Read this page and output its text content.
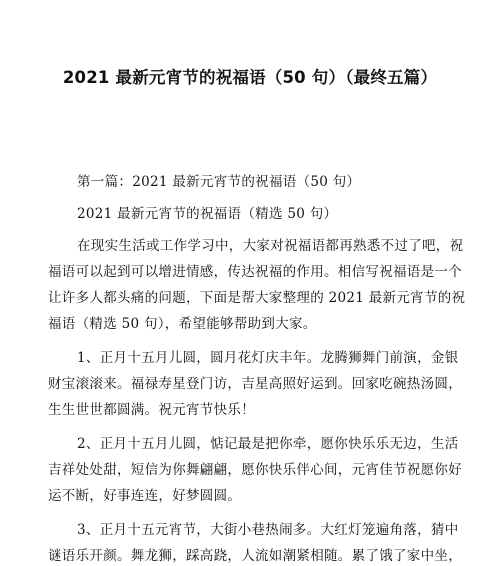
2021 最新元宵节的祝福语（50 句）（最终五篇）
第一篇：2021 最新元宵节的祝福语（50 句）
2021 最新元宵节的祝福语（精选 50 句）
在现实生活或工作学习中，大家对祝福语都再熟悉不过了吧，祝
福语可以起到可以增进情感，传达祝福的作用。相信写祝福语是一个
让许多人都头痛的问题，下面是帮大家整理的 2021 最新元宵节的祝
福语（精选 50 句），希望能够帮助到大家。
1、正月十五月儿圆，圆月花灯庆丰年。龙腾狮舞门前演，金银
财宝滚滚来。福禄寿星登门访，吉星高照好运到。回家吃碗热汤圆，
生生世世都圆满。祝元宵节快乐！
2、正月十五月儿圆，惦记最是把你牵，愿你快乐乐无边，生活
吉祥处处甜，短信为你舞翩翩，愿你快乐伴心间，元宵佳节祝愿你好
运不断，好事连连，好梦圆圆。
3、正月十五元宵节，大街小巷热闹多。大红灯笼遍角落，猜中
谜语乐开颜。舞龙狮，踩高跷，人流如潮紧相随。累了饿了家中坐，
